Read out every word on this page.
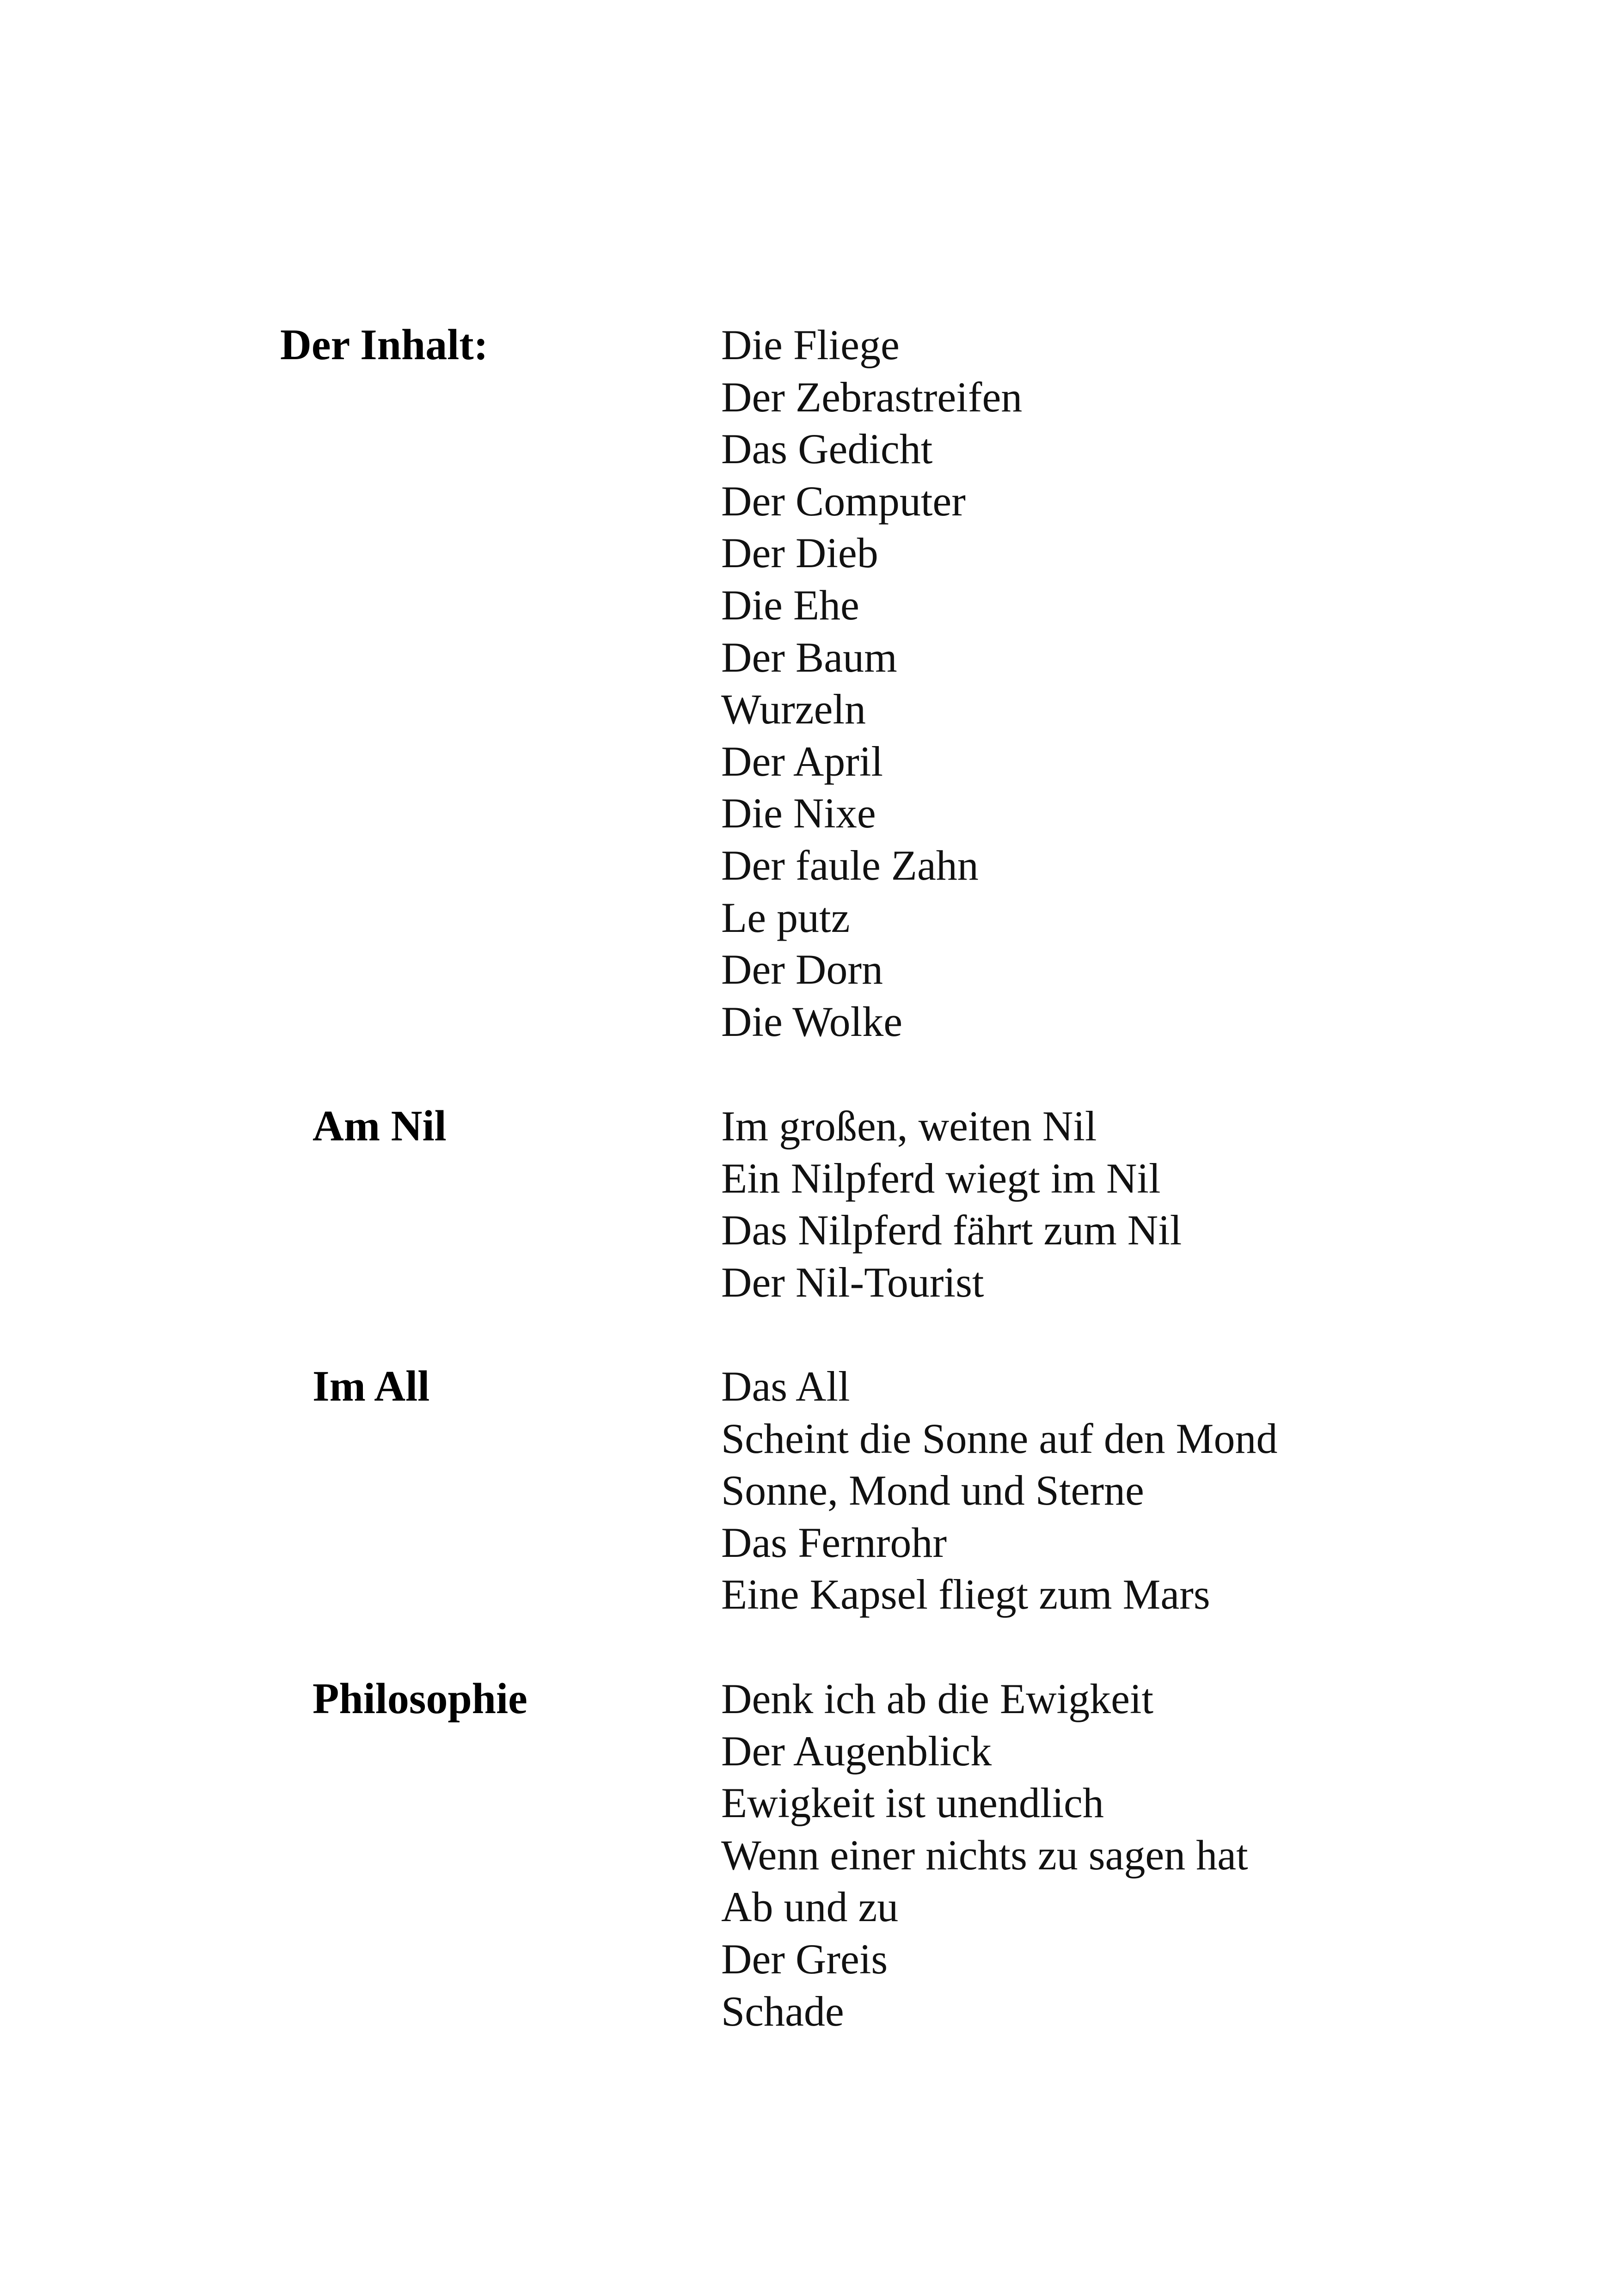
Der Inhalt:	Die Fliege
Der Zebrastreifen
Das Gedicht
Der Computer
Der Dieb
Die Ehe
Der Baum
Wurzeln
Der April
Die Nixe
Der faule Zahn
Le putz
Der Dorn
Die Wolke
Am Nil	Im großen, weiten Nil
Ein Nilpferd wiegt im Nil
Das Nilpferd fährt zum Nil
Der Nil-Tourist
Im All	Das All
Scheint die Sonne auf den Mond
Sonne, Mond und Sterne
Das Fernrohr
Eine Kapsel fliegt zum Mars
Philosophie	Denk ich ab die Ewigkeit
Der Augenblick
Ewigkeit ist unendlich
Wenn einer nichts zu sagen hat
Ab und zu
Der Greis
Schade
